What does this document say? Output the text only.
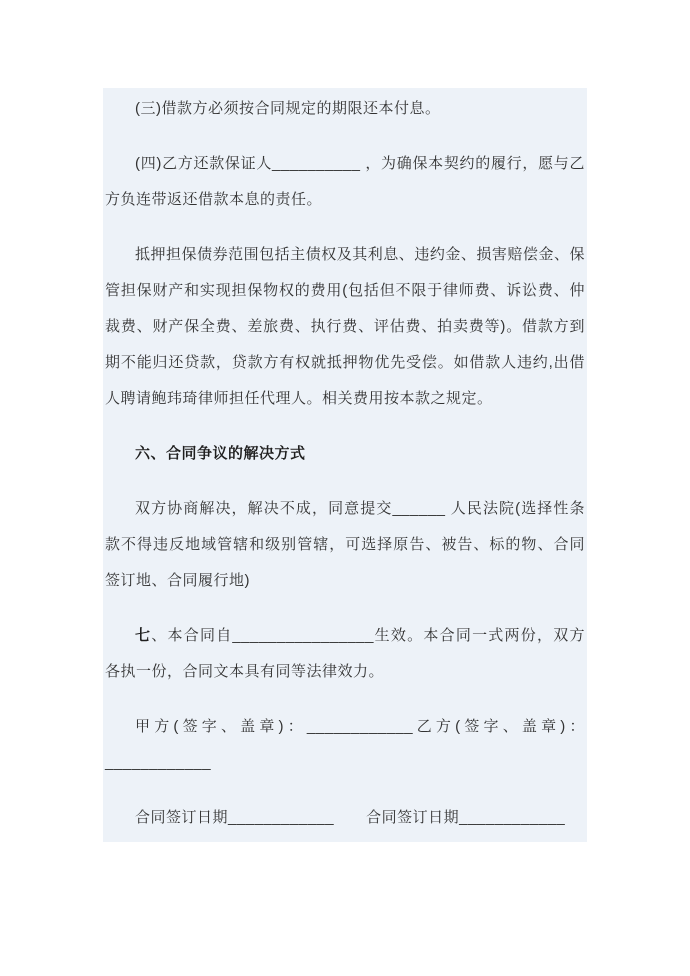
(三)借款方必须按合同规定的期限还本付息。

(四)乙方还款保证人__________ ，为确保本契约的履行，愿与乙方负连带返还借款本息的责任。

抵押担保债券范围包括主债权及其利息、违约金、损害赔偿金、保管担保财产和实现担保物权的费用(包括但不限于律师费、诉讼费、仲裁费、财产保全费、差旅费、执行费、评估费、拍卖费等)。借款方到期不能归还贷款，贷款方有权就抵押物优先受偿。如借款人违约,出借人聘请鲍玮琦律师担任代理人。相关费用按本款之规定。

六、合同争议的解决方式

双方协商解决，解决不成，同意提交______ 人民法院(选择性条款不得违反地域管辖和级别管辖，可选择原告、被告、标的物、合同签订地、合同履行地)

七、本合同自________________生效。本合同一式两份，双方各执一份，合同文本具有同等法律效力。

甲方(签字、盖章)：____________乙方(签字、盖章)：____________

合同签订日期____________ 合同签订日期____________
